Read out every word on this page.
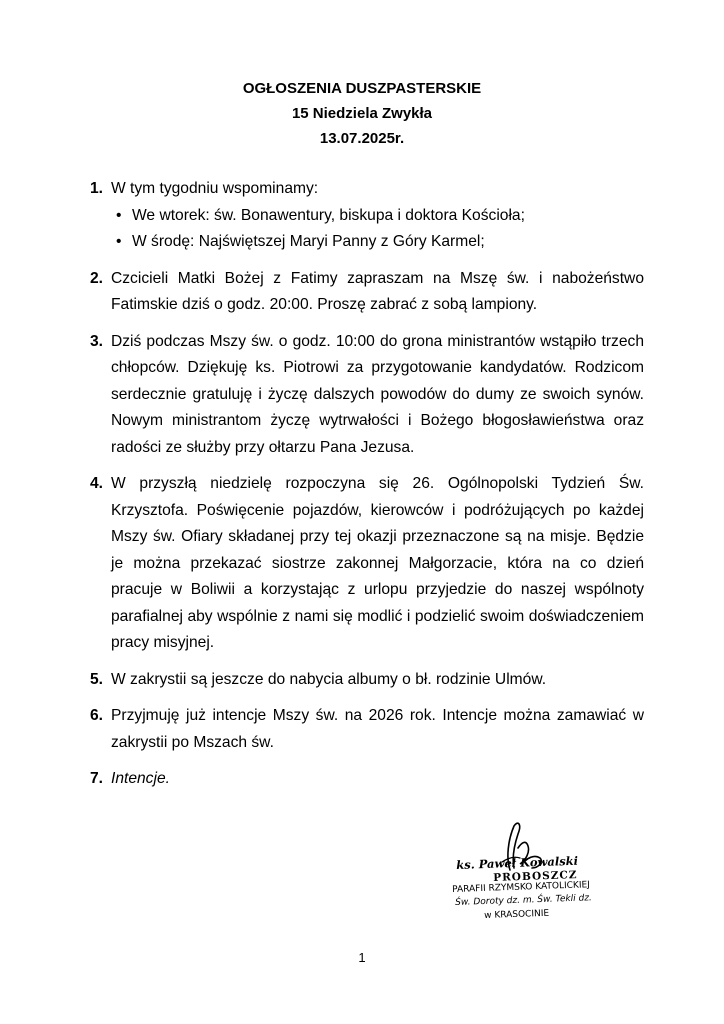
OGŁOSZENIA DUSZPASTERSKIE
15 Niedziela Zwykła
13.07.2025r.
1. W tym tygodniu wspominamy:
• We wtorek: św. Bonawentury, biskupa i doktora Kościoła;
• W środę: Najświętszej Maryi Panny z Góry Karmel;
2. Czcicieli Matki Bożej z Fatimy zapraszam na Mszę św. i nabożeństwo Fatimskie dziś o godz. 20:00. Proszę zabrać z sobą lampiony.
3. Dziś podczas Mszy św. o godz. 10:00 do grona ministrantów wstąpiło trzech chłopców. Dziękuję ks. Piotrowi za przygotowanie kandydatów. Rodzicom serdecznie gratuluję i życzę dalszych powodów do dumy ze swoich synów. Nowym ministrantom życzę wytrwałości i Bożego błogosławieństwa oraz radości ze służby przy ołtarzu Pana Jezusa.
4. W przyszłą niedzielę rozpoczyna się 26. Ogólnopolski Tydzień Św. Krzysztofa. Poświęcenie pojazdów, kierowców i podróżujących po każdej Mszy św. Ofiary składanej przy tej okazji przeznaczone są na misje. Będzie je można przekazać siostrze zakonnej Małgorzacie, która na co dzień pracuje w Boliwii a korzystając z urlopu przyjedzie do naszej wspólnoty parafialnej aby wspólnie z nami się modlić i podzielić swoim doświadczeniem pracy misyjnej.
5. W zakrystii są jeszcze do nabycia albumy o bł. rodzinie Ulmów.
6. Przyjmuję już intencje Mszy św. na 2026 rok. Intencje można zamawiać w zakrystii po Mszach św.
7. Intencje.
ks. Paweł Kowalski
PROBOSZCZ
PARAFII RZYMSKO KATOLICKIEJ
Św. Doroty dz. m. Św. Tekli dz.
w KRASOCINIE
1
